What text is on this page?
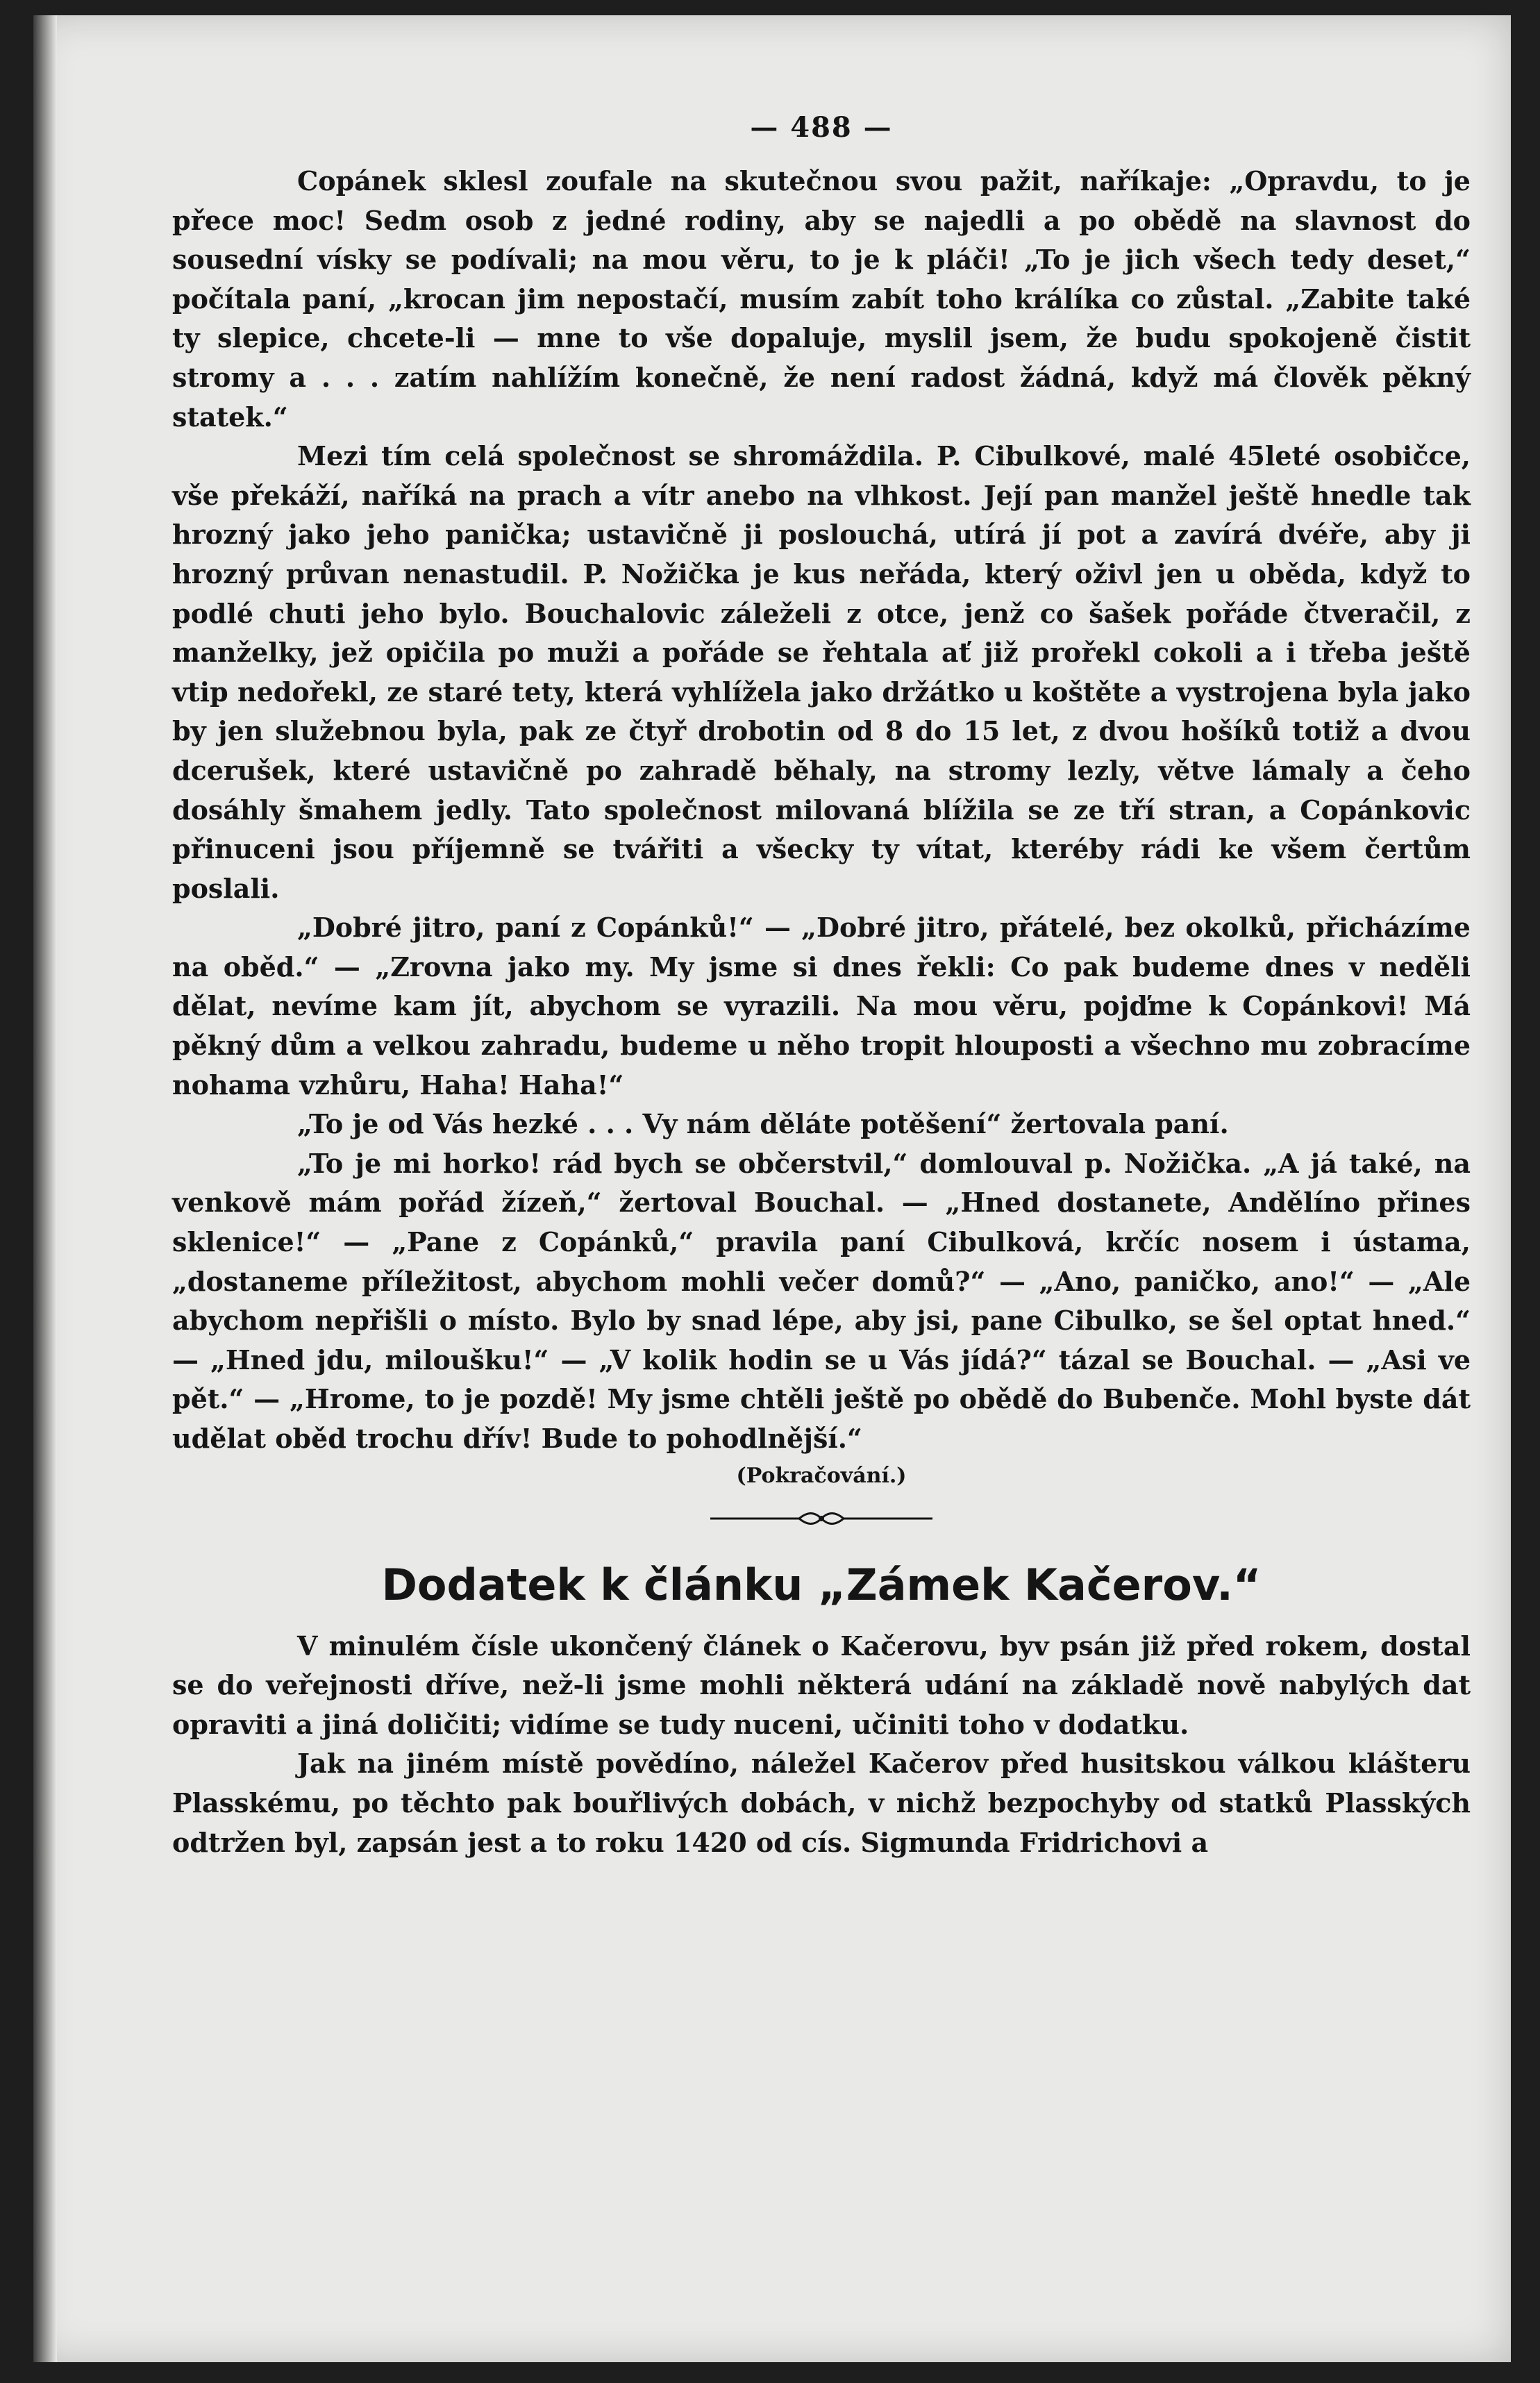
— 488 —

Copánek sklesl zoufale na skutečnou svou pažit, naříkaje: „Opravdu, to je přece moc! Sedm osob z jedné rodiny, aby se najedli a po obědě na slavnost do sousední vísky se podívali; na mou věru, to je k pláči! „To je jich všech tedy deset,“ počítala paní, „krocan jim nepostačí, musím zabít toho králíka co zůstal. „Zabite také ty slepice, chcete-li — mne to vše dopaluje, myslil jsem, že budu spokojeně čistit stromy a . . . zatím nahlížím konečně, že není radost žádná, když má člověk pěkný statek.“

Mezi tím celá společnost se shromáždila. P. Cibulkové, malé 45leté osobičce, vše překáží, naříká na prach a vítr anebo na vlhkost. Její pan manžel ještě hnedle tak hrozný jako jeho panička; ustavičně ji poslouchá, utírá jí pot a zavírá dvéře, aby ji hrozný průvan nenastudil. P. Nožička je kus neřáda, který oživl jen u oběda, když to podlé chuti jeho bylo. Bouchalovic záleželi z otce, jenž co šašek pořáde čtveračil, z manželky, jež opičila po muži a pořáde se řehtala ať již prořekl cokoli a i třeba ještě vtip nedořekl, ze staré tety, která vyhlížela jako držátko u koštěte a vystrojena byla jako by jen služebnou byla, pak ze čtyř drobotin od 8 do 15 let, z dvou hošíků totiž a dvou dcerušek, které ustavičně po zahradě běhaly, na stromy lezly, větve lámaly a čeho dosáhly šmahem jedly. Tato společnost milovaná blížila se ze tří stran, a Copánkovic přinuceni jsou příjemně se tvářiti a všecky ty vítat, kteréby rádi ke všem čertům poslali.

„Dobré jitro, paní z Copánků!“ — „Dobré jitro, přátelé, bez okolků, přicházíme na oběd.“ — „Zrovna jako my. My jsme si dnes řekli: Co pak budeme dnes v neděli dělat, nevíme kam jít, abychom se vyrazili. Na mou věru, pojďme k Copánkovi! Má pěkný dům a velkou zahradu, budeme u něho tropit hlouposti a všechno mu zobracíme nohama vzhůru, Haha! Haha!“

„To je od Vás hezké . . . Vy nám děláte potěšení“ žertovala paní.

„To je mi horko! rád bych se občerstvil,“ domlouval p. Nožička. „A já také, na venkově mám pořád žízeň,“ žertoval Bouchal. — „Hned dostanete, Andělíno přines sklenice!“ — „Pane z Copánků,“ pravila paní Cibulková, krčíc nosem i ústama, „dostaneme příležitost, abychom mohli večer domů?“ — „Ano, paničko, ano!“ — „Ale abychom nepřišli o místo. Bylo by snad lépe, aby jsi, pane Cibulko, se šel optat hned.“ — „Hned jdu, miloušku!“ — „V kolik hodin se u Vás jídá?“ tázal se Bouchal. — „Asi ve pět.“ — „Hrome, to je pozdě! My jsme chtěli ještě po obědě do Bubenče. Mohl byste dát udělat oběd trochu dřív! Bude to pohodlnější.“

(Pokračování.)

Dodatek k článku „Zámek Kačerov.“

V minulém čísle ukončený článek o Kačerovu, byv psán již před rokem, dostal se do veřejnosti dříve, než-li jsme mohli některá udání na základě nově nabylých dat opraviti a jiná doličiti; vidíme se tudy nuceni, učiniti toho v dodatku.

Jak na jiném místě povědíno, náležel Kačerov před husitskou válkou klášteru Plasskému, po těchto pak bouřlivých dobách, v nichž bezpochyby od statků Plasských odtržen byl, zapsán jest a to roku 1420 od cís. Sigmunda Fridrichovi a
